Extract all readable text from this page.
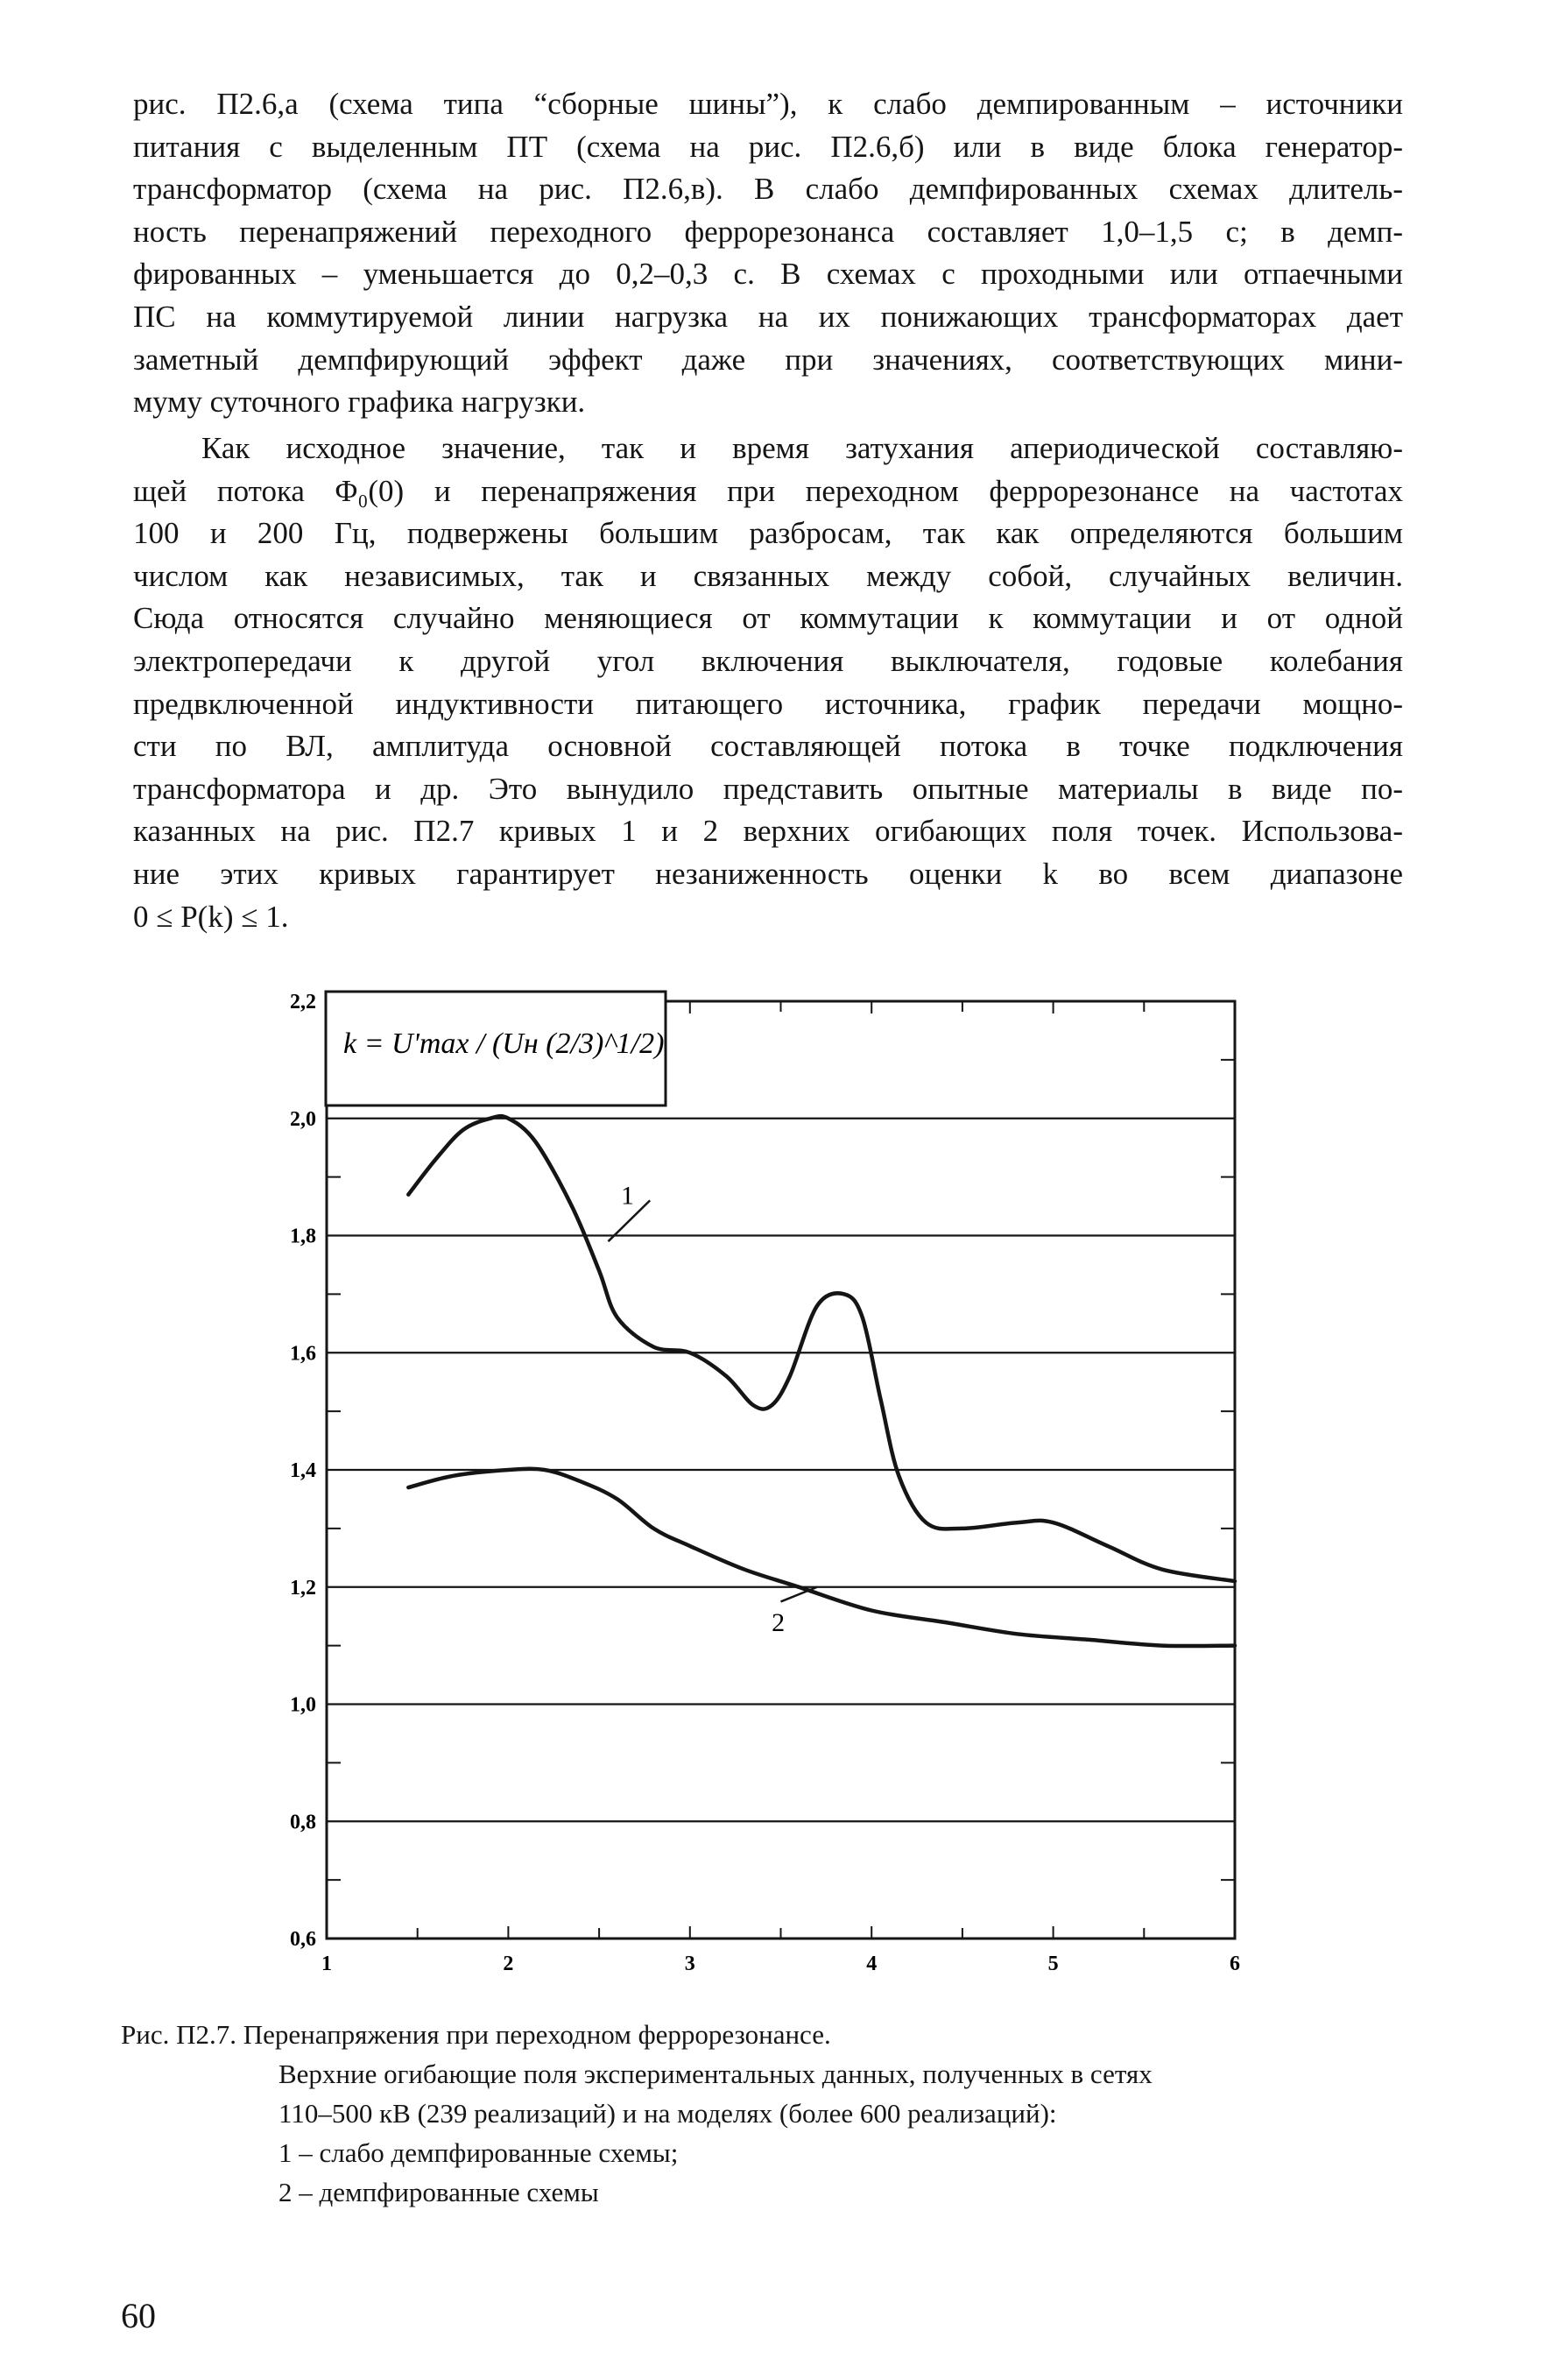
рис. П2.6,а (схема типа “сборные шины”), к слабо демпированным – источники
питания с выделенным ПТ (схема на рис. П2.6,б) или в виде блока генератор-
трансформатор (схема на рис. П2.6,в). В слабо демпфированных схемах длитель-
ность перенапряжений переходного феррорезонанса составляет 1,0–1,5 с; в демп-
фированных – уменьшается до 0,2–0,3 с. В схемах с проходными или отпаечными
ПС на коммутируемой линии нагрузка на их понижающих трансформаторах дает
заметный демпфирующий эффект даже при значениях, соответствующих мини-
муму суточного графика нагрузки.
Как исходное значение, так и время затухания апериодической составляю-
щей потока Φ₀(0) и перенапряжения при переходном феррорезонансе на частотах
100 и 200 Гц, подвержены большим разбросам, так как определяются большим
числом как независимых, так и связанных между собой, случайных величин.
Сюда относятся случайно меняющиеся от коммутации к коммутации и от одной
электропередачи к другой угол включения выключателя, годовые колебания
предвключенной индуктивности питающего источника, график передачи мощно-
сти по ВЛ, амплитуда основной составляющей потока в точке подключения
трансформатора и др. Это вынудило представить опытные материалы в виде по-
казанных на рис. П2.7 кривых 1 и 2 верхних огибающих поля точек. Использова-
ние этих кривых гарантирует незаниженность оценки k во всем диапазоне
0 ≤ P(k) ≤ 1.
0,6
0,8
1,0
1,2
1,4
1,6
1,8
2,0
2,2
1	2	3	4	5	6
1
2
k = U'max / (Uн (2/3)^1/2)
Рис. П2.7. Перенапряжения при переходном феррорезонансе.
Верхние огибающие поля экспериментальных данных, полученных в сетях
110–500 кВ (239 реализаций) и на моделях (более 600 реализаций):
1 – слабо демпфированные схемы;
2 – демпфированные схемы
60
